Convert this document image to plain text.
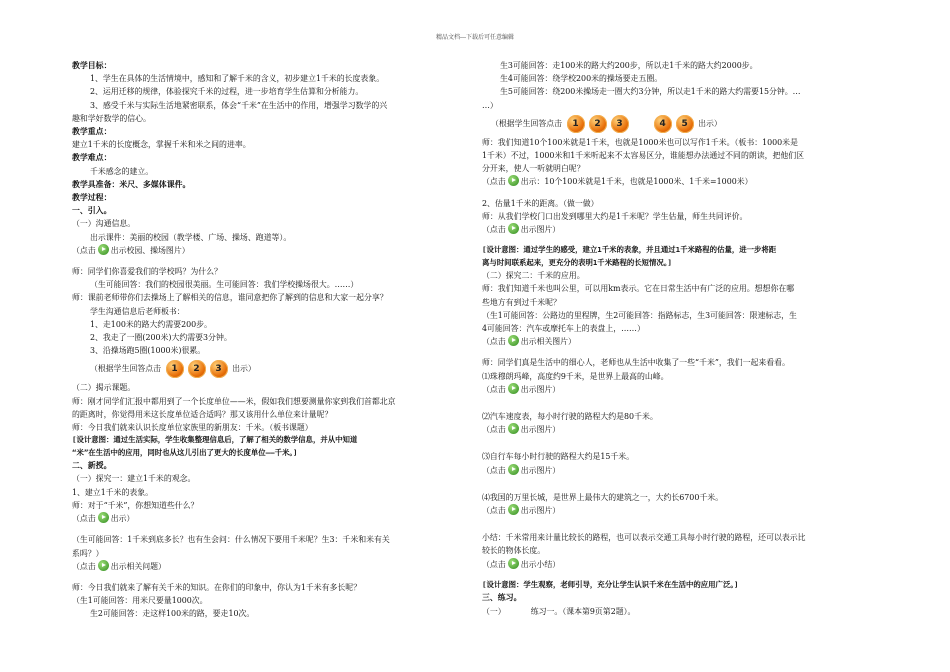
精品文档---下载后可任意编辑
教学目标：
1、学生在具体的生活情境中，感知和了解千米的含义，初步建立1千米的长度表象。
2、运用迁移的规律，体验探究千米的过程，进一步培育学生估算和分析能力。
3、感受千米与实际生活地紧密联系，体会“千米”在生活中的作用，增强学习数学的兴
趣和学好数学的信心。
教学重点：
建立1千米的长度概念，掌握千米和米之间的进率。
教学难点：
千米感念的建立。
教学具准备：米尺、多媒体课件。
教学过程：
一、引入。
（一）沟通信息。
出示课件：美丽的校园（教学楼、广场、操场、跑道等）。
（点击 出示校园、操场图片）
师：同学们你喜爱我们的学校吗？为什么？
（生可能回答：我们的校园很美丽。生可能回答：我们学校操场很大。……）
师：课前老师带你们去操场上了解相关的信息，谁同意把你了解到的信息和大家一起分享？
学生沟通信息后老师板书：
1、走100米的路大约需要200步。
2、我走了一圈(200米)大约需要3分钟。
3、沿操场跑5圈(1000米)很累。
（根据学生回答点击 1 2 3 出示）
（二）揭示课题。
师：刚才同学们汇报中都用到了一个长度单位——米，假如我们想要测量你家到我们首都北京
的距离时，你觉得用米这长度单位适合适吗？那又该用什么单位来计量呢？
师：今日我们就来认识长度单位家族里的新朋友：千米。（板书课题）
[设计意图：通过生活实际，学生收集整理信息后，了解了相关的数学信息，并从中知道
“米”在生活中的应用，同时也从这儿引出了更大的长度单位——千米。]
二、新授。
（一）探究一：建立1千米的观念。
1、建立1千米的表象。
师：对于“千米”，你想知道些什么？
（点击 出示）
（生可能回答：1千米到底多长？也有生会问：什么情况下要用千米呢？生3：千米和米有关
系吗？）
（点击 出示相关问题）
师：今日我们就来了解有关千米的知识。在你们的印象中，你认为1千米有多长呢？
（生1可能回答：用米尺要量1000次。
生2可能回答：走这样100米的路，要走10次。
生3可能回答：走100米的路大约200步，所以走1千米的路大约2000步。
生4可能回答：绕学校200米的操场要走五圈。
生5可能回答：绕200米操场走一圈大约3分钟，所以走1千米的路大约需要15分钟。…
…）
（根据学生回答点击 1 2 3	4 5 出示）
师：我们知道10个100米就是1千米，也就是1000米也可以写作1千米。（板书：1000米是
1千米）不过，1000米和1千米听起来不太容易区分，谁能想办法通过不同的朗读，把他们区
分开来，使人一听就明白呢？
（点击 出示：10个100米就是1千米，也就是1000米、1千米=1000米）
2、估量1千米的距离。（做一做）
师：从我们学校门口出发到哪里大约是1千米呢？学生估量，师生共同评价。
（点击 出示图片）
[设计意图：通过学生的感受，建立1千米的表象，并且通过1千米路程的估量，进一步将距
离与时间联系起来，更充分的表明1千米路程的长短情况。]
（二）探究二：千米的应用。
师：我们知道千米也叫公里，可以用km表示。它在日常生活中有广泛的应用。想想你在哪
些地方有到过千米呢？
（生1可能回答：公路边的里程牌，生2可能回答：指路标志，生3可能回答：限速标志，生
4可能回答：汽车或摩托车上的表盘上，……）
（点击 出示相关图片）
师：同学们真是生活中的细心人，老师也从生活中收集了一些“千米”，我们一起来看看。
⑴珠穆朗玛峰，高度约9千米，是世界上最高的山峰。
（点击 出示图片）
⑵汽车速度表，每小时行驶的路程大约是80千米。
（点击 出示图片）
⑶自行车每小时行驶的路程大约是15千米。
（点击 出示图片）
⑷我国的万里长城，是世界上最伟大的建筑之一，大约长6700千米。
（点击 出示图片）
小结：千米常用来计量比较长的路程，也可以表示交通工具每小时行驶的路程，还可以表示比
较长的物体长度。
（点击 出示小结）
[设计意图：学生观察，老师引导，充分让学生认识千米在生活中的应用广泛。]
三、练习。
（一）	练习一。（课本第9页第2题）。
